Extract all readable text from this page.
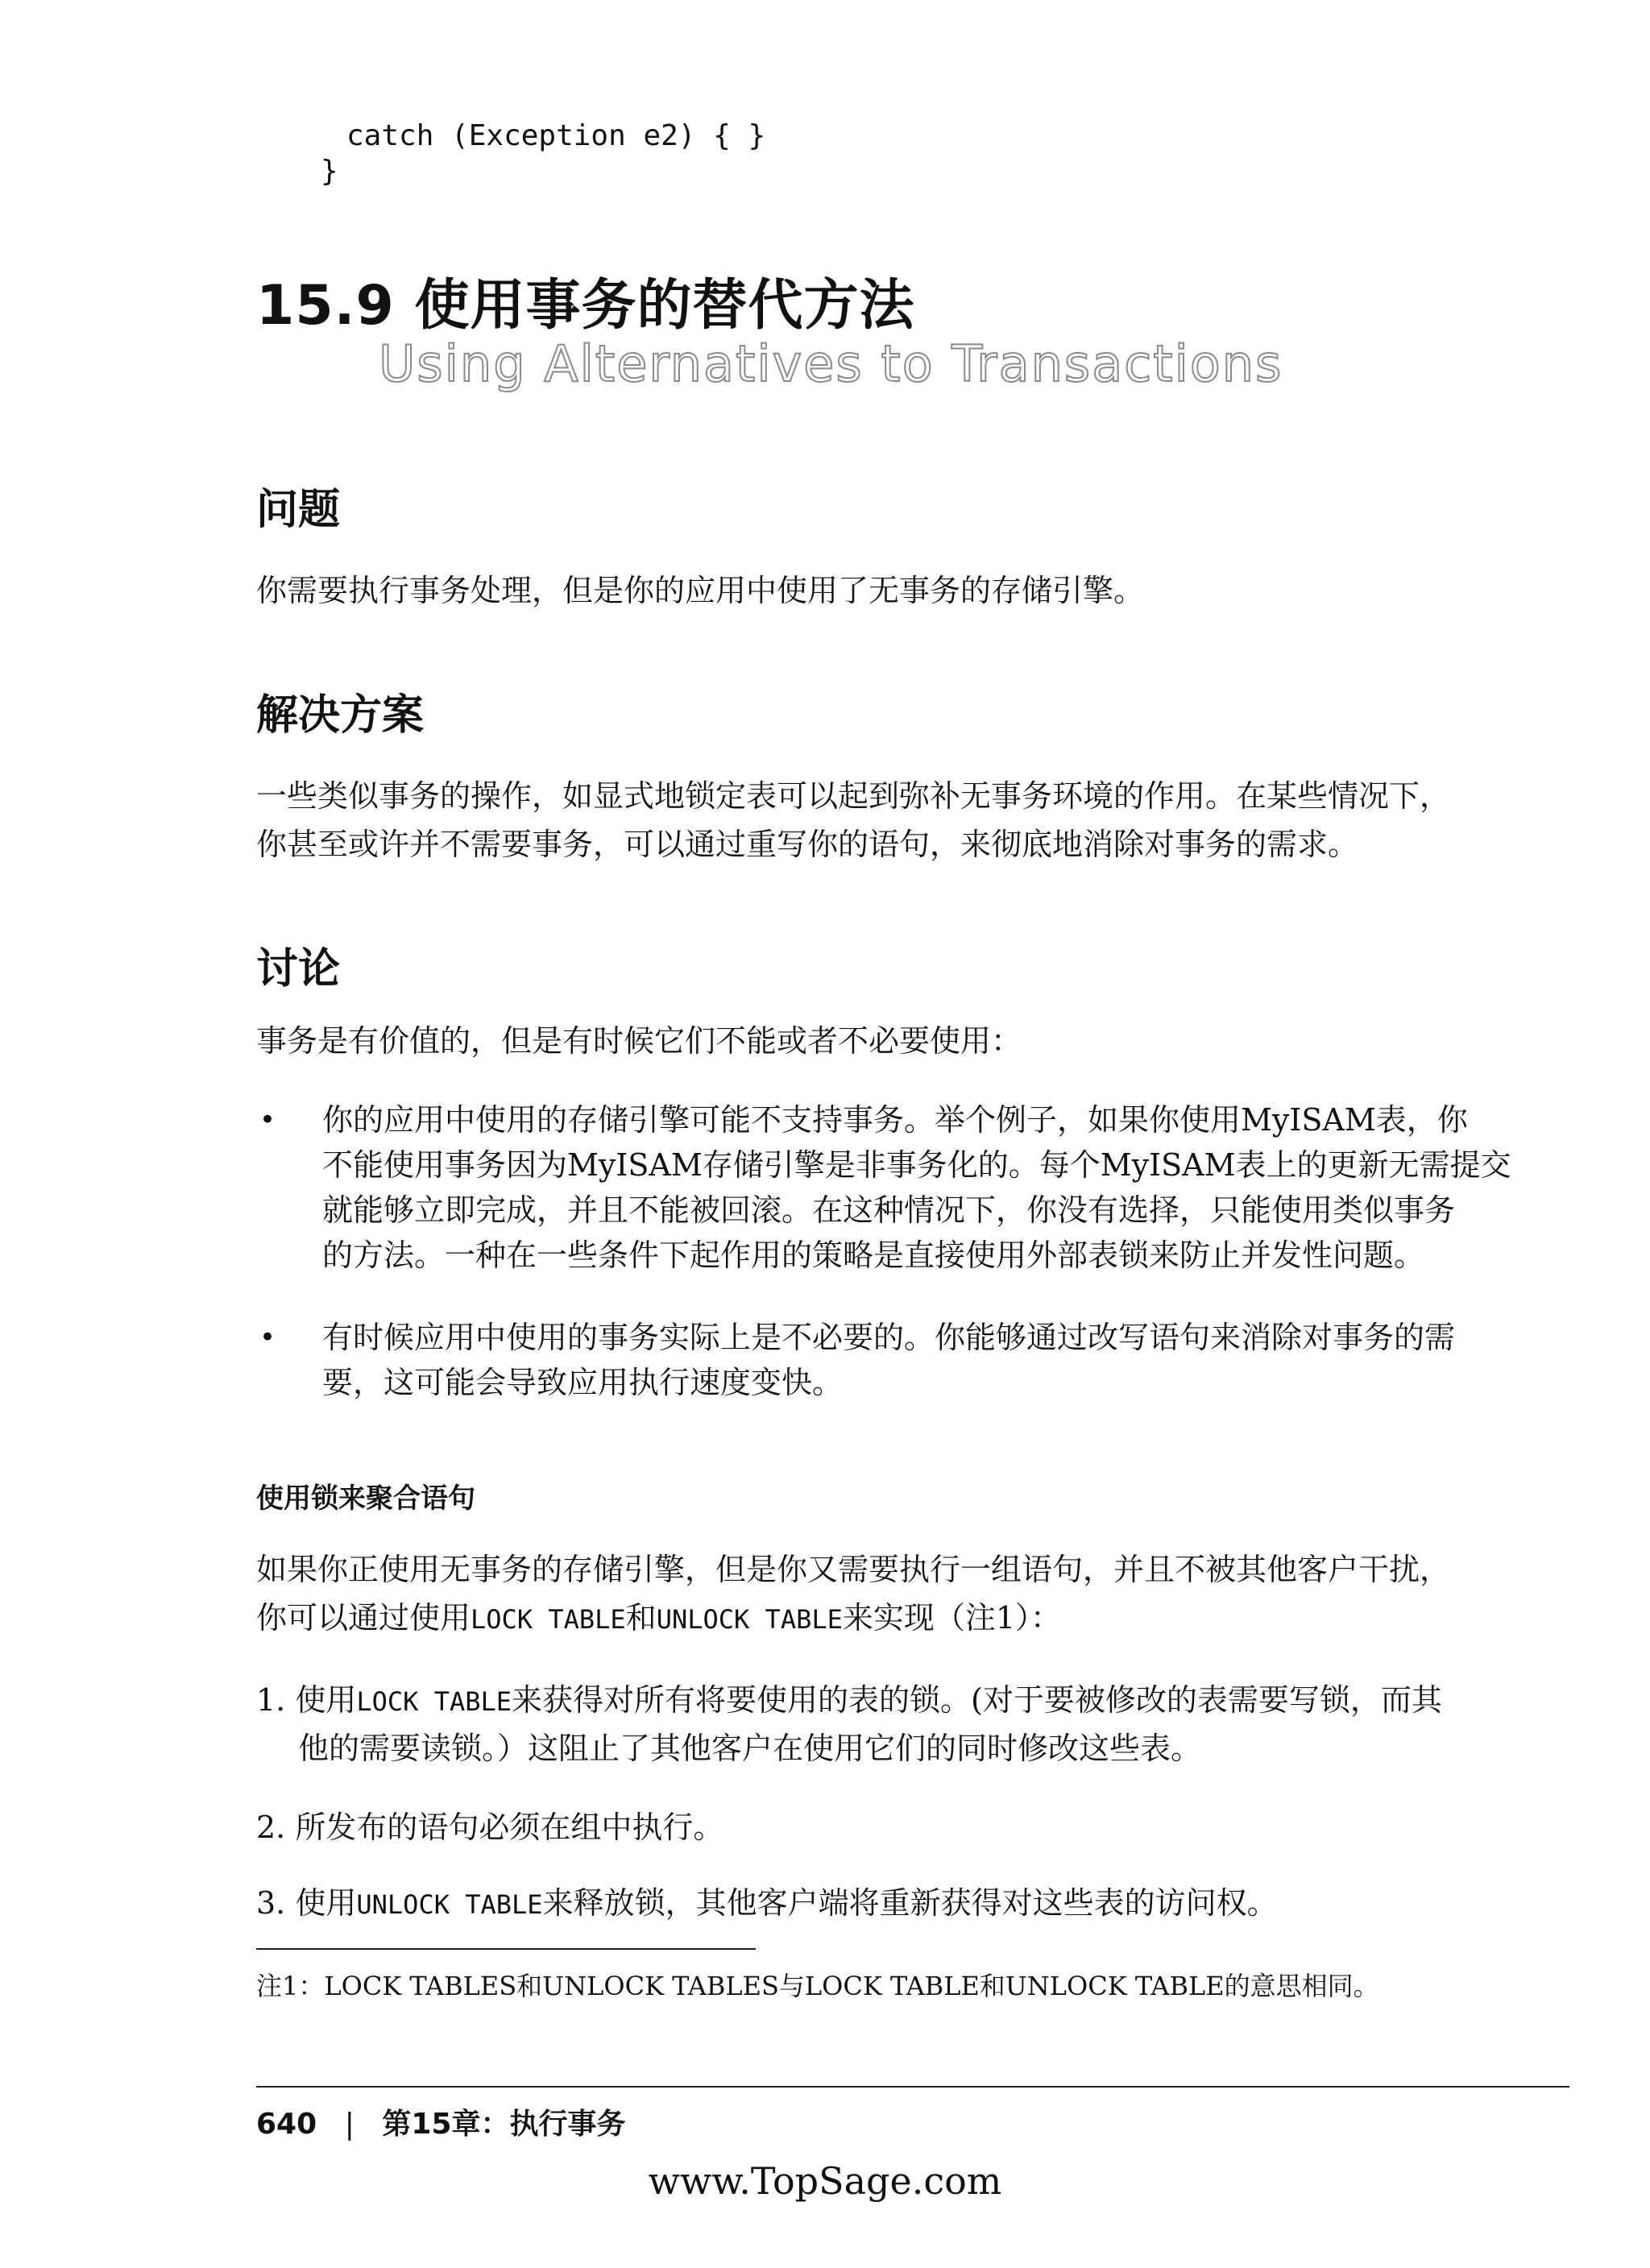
catch (Exception e2) { }
}
15.9 使用事务的替代方法
Using Alternatives to Transactions
问题
你需要执行事务处理，但是你的应用中使用了无事务的存储引擎。
解决方案
一些类似事务的操作，如显式地锁定表可以起到弥补无事务环境的作用。在某些情况下，
你甚至或许并不需要事务，可以通过重写你的语句，来彻底地消除对事务的需求。
讨论
事务是有价值的，但是有时候它们不能或者不必要使用：
• 你的应用中使用的存储引擎可能不支持事务。举个例子，如果你使用MyISAM表，你
不能使用事务因为MyISAM存储引擎是非事务化的。每个MyISAM表上的更新无需提交
就能够立即完成，并且不能被回滚。在这种情况下，你没有选择，只能使用类似事务
的方法。一种在一些条件下起作用的策略是直接使用外部表锁来防止并发性问题。
• 有时候应用中使用的事务实际上是不必要的。你能够通过改写语句来消除对事务的需
要，这可能会导致应用执行速度变快。
使用锁来聚合语句
如果你正使用无事务的存储引擎，但是你又需要执行一组语句，并且不被其他客户干扰，
你可以通过使用LOCK TABLE和UNLOCK TABLE来实现（注1）：
1. 使用LOCK TABLE来获得对所有将要使用的表的锁。(对于要被修改的表需要写锁，而其
他的需要读锁。）这阻止了其他客户在使用它们的同时修改这些表。
2. 所发布的语句必须在组中执行。
3. 使用UNLOCK TABLE来释放锁，其他客户端将重新获得对这些表的访问权。
注1：LOCK TABLES和UNLOCK TABLES与LOCK TABLE和UNLOCK TABLE的意思相同。
640 | 第15章：执行事务
www.TopSage.com
